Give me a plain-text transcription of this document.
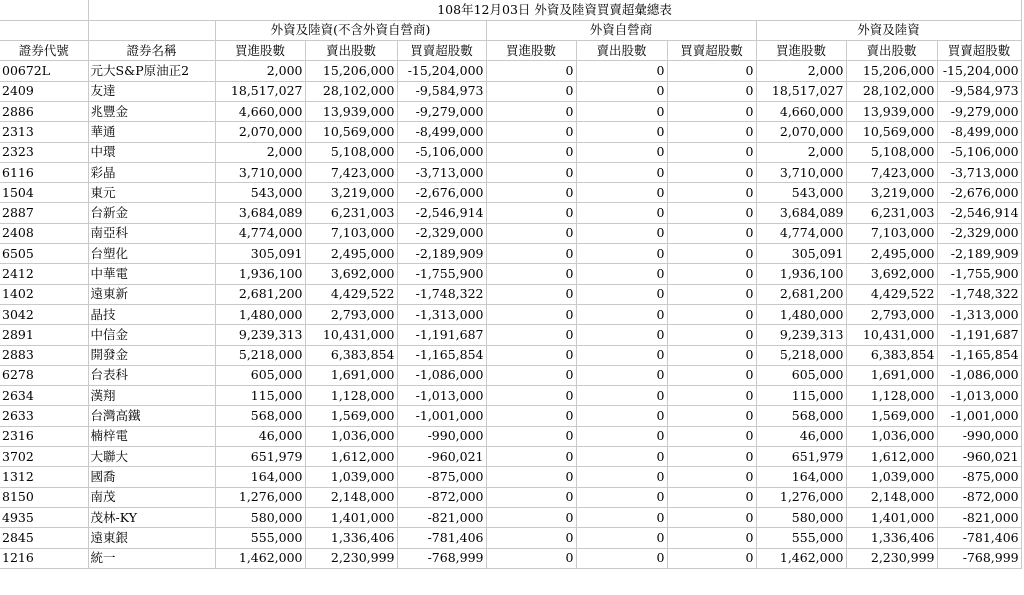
	108年12月03日 外資及陸資買賣超彙總表									
		外資及陸資(不含外資自營商)			外資自營商			外資及陸資		
證券代號	證券名稱	買進股數	賣出股數	買賣超股數	買進股數	賣出股數	買賣超股數	買進股數	賣出股數	買賣超股數
00672L	元大S&P原油正2	2,000	15,206,000	-15,204,000	0	0	0	2,000	15,206,000	-15,204,000
2409	友達	18,517,027	28,102,000	-9,584,973	0	0	0	18,517,027	28,102,000	-9,584,973
2886	兆豐金	4,660,000	13,939,000	-9,279,000	0	0	0	4,660,000	13,939,000	-9,279,000
2313	華通	2,070,000	10,569,000	-8,499,000	0	0	0	2,070,000	10,569,000	-8,499,000
2323	中環	2,000	5,108,000	-5,106,000	0	0	0	2,000	5,108,000	-5,106,000
6116	彩晶	3,710,000	7,423,000	-3,713,000	0	0	0	3,710,000	7,423,000	-3,713,000
1504	東元	543,000	3,219,000	-2,676,000	0	0	0	543,000	3,219,000	-2,676,000
2887	台新金	3,684,089	6,231,003	-2,546,914	0	0	0	3,684,089	6,231,003	-2,546,914
2408	南亞科	4,774,000	7,103,000	-2,329,000	0	0	0	4,774,000	7,103,000	-2,329,000
6505	台塑化	305,091	2,495,000	-2,189,909	0	0	0	305,091	2,495,000	-2,189,909
2412	中華電	1,936,100	3,692,000	-1,755,900	0	0	0	1,936,100	3,692,000	-1,755,900
1402	遠東新	2,681,200	4,429,522	-1,748,322	0	0	0	2,681,200	4,429,522	-1,748,322
3042	晶技	1,480,000	2,793,000	-1,313,000	0	0	0	1,480,000	2,793,000	-1,313,000
2891	中信金	9,239,313	10,431,000	-1,191,687	0	0	0	9,239,313	10,431,000	-1,191,687
2883	開發金	5,218,000	6,383,854	-1,165,854	0	0	0	5,218,000	6,383,854	-1,165,854
6278	台表科	605,000	1,691,000	-1,086,000	0	0	0	605,000	1,691,000	-1,086,000
2634	漢翔	115,000	1,128,000	-1,013,000	0	0	0	115,000	1,128,000	-1,013,000
2633	台灣高鐵	568,000	1,569,000	-1,001,000	0	0	0	568,000	1,569,000	-1,001,000
2316	楠梓電	46,000	1,036,000	-990,000	0	0	0	46,000	1,036,000	-990,000
3702	大聯大	651,979	1,612,000	-960,021	0	0	0	651,979	1,612,000	-960,021
1312	國喬	164,000	1,039,000	-875,000	0	0	0	164,000	1,039,000	-875,000
8150	南茂	1,276,000	2,148,000	-872,000	0	0	0	1,276,000	2,148,000	-872,000
4935	茂林-KY	580,000	1,401,000	-821,000	0	0	0	580,000	1,401,000	-821,000
2845	遠東銀	555,000	1,336,406	-781,406	0	0	0	555,000	1,336,406	-781,406
1216	統一	1,462,000	2,230,999	-768,999	0	0	0	1,462,000	2,230,999	-768,999
